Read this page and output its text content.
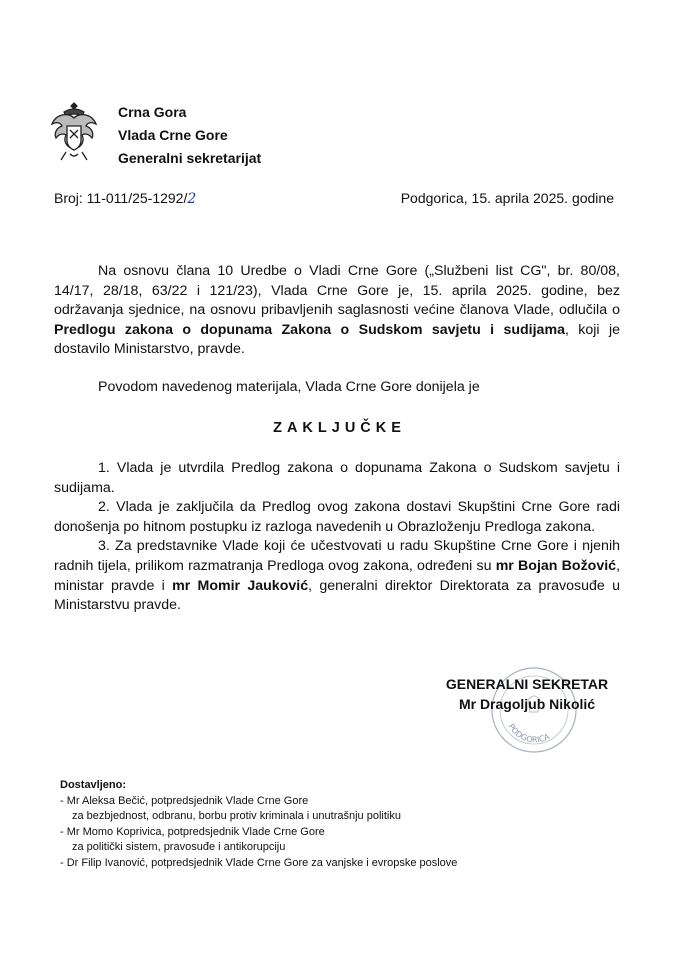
Crna Gora
Vlada Crne Gore
Generalni sekretarijat
Broj: 11-011/25-1292/2	Podgorica, 15. aprila 2025. godine
Na osnovu člana 10 Uredbe o Vladi Crne Gore („Službeni list CG", br. 80/08, 14/17, 28/18, 63/22 i 121/23), Vlada Crne Gore je, 15. aprila 2025. godine, bez održavanja sjednice, na osnovu pribavljenih saglasnosti većine članova Vlade, odlučila o Predlogu zakona o dopunama Zakona o Sudskom savjetu i sudijama, koji je dostavilo Ministarstvo, pravde.
Povodom navedenog materijala, Vlada Crne Gore donijela je
ZAKLJUČKE

1. Vlada je utvrdila Predlog zakona o dopunama Zakona o Sudskom savjetu i sudijama.

2. Vlada je zaključila da Predlog ovog zakona dostavi Skupštini Crne Gore radi donošenja po hitnom postupku iz razloga navedenih u Obrazloženju Predloga zakona.

3. Za predstavnike Vlade koji će učestvovati u radu Skupštine Crne Gore i njenih radnih tijela, prilikom razmatranja Predloga ovog zakona, određeni su mr Bojan Božović, ministar pravde i mr Momir Jauković, generalni direktor Direktorata za pravosuđe u Ministarstvu pravde.

PODGORICA
GENERALNI SEKRETAR
Mr Dragoljub Nikolić
Dostavljeno:
- Mr Aleksa Bečić, potpredsjednik Vlade Crne Gore
za bezbjednost, odbranu, borbu protiv kriminala i unutrašnju politiku
- Mr Momo Koprivica, potpredsjednik Vlade Crne Gore
za politički sistem, pravosuđe i antikorupciju
- Dr Filip Ivanović, potpredsjednik Vlade Crne Gore za vanjske i evropske poslove
